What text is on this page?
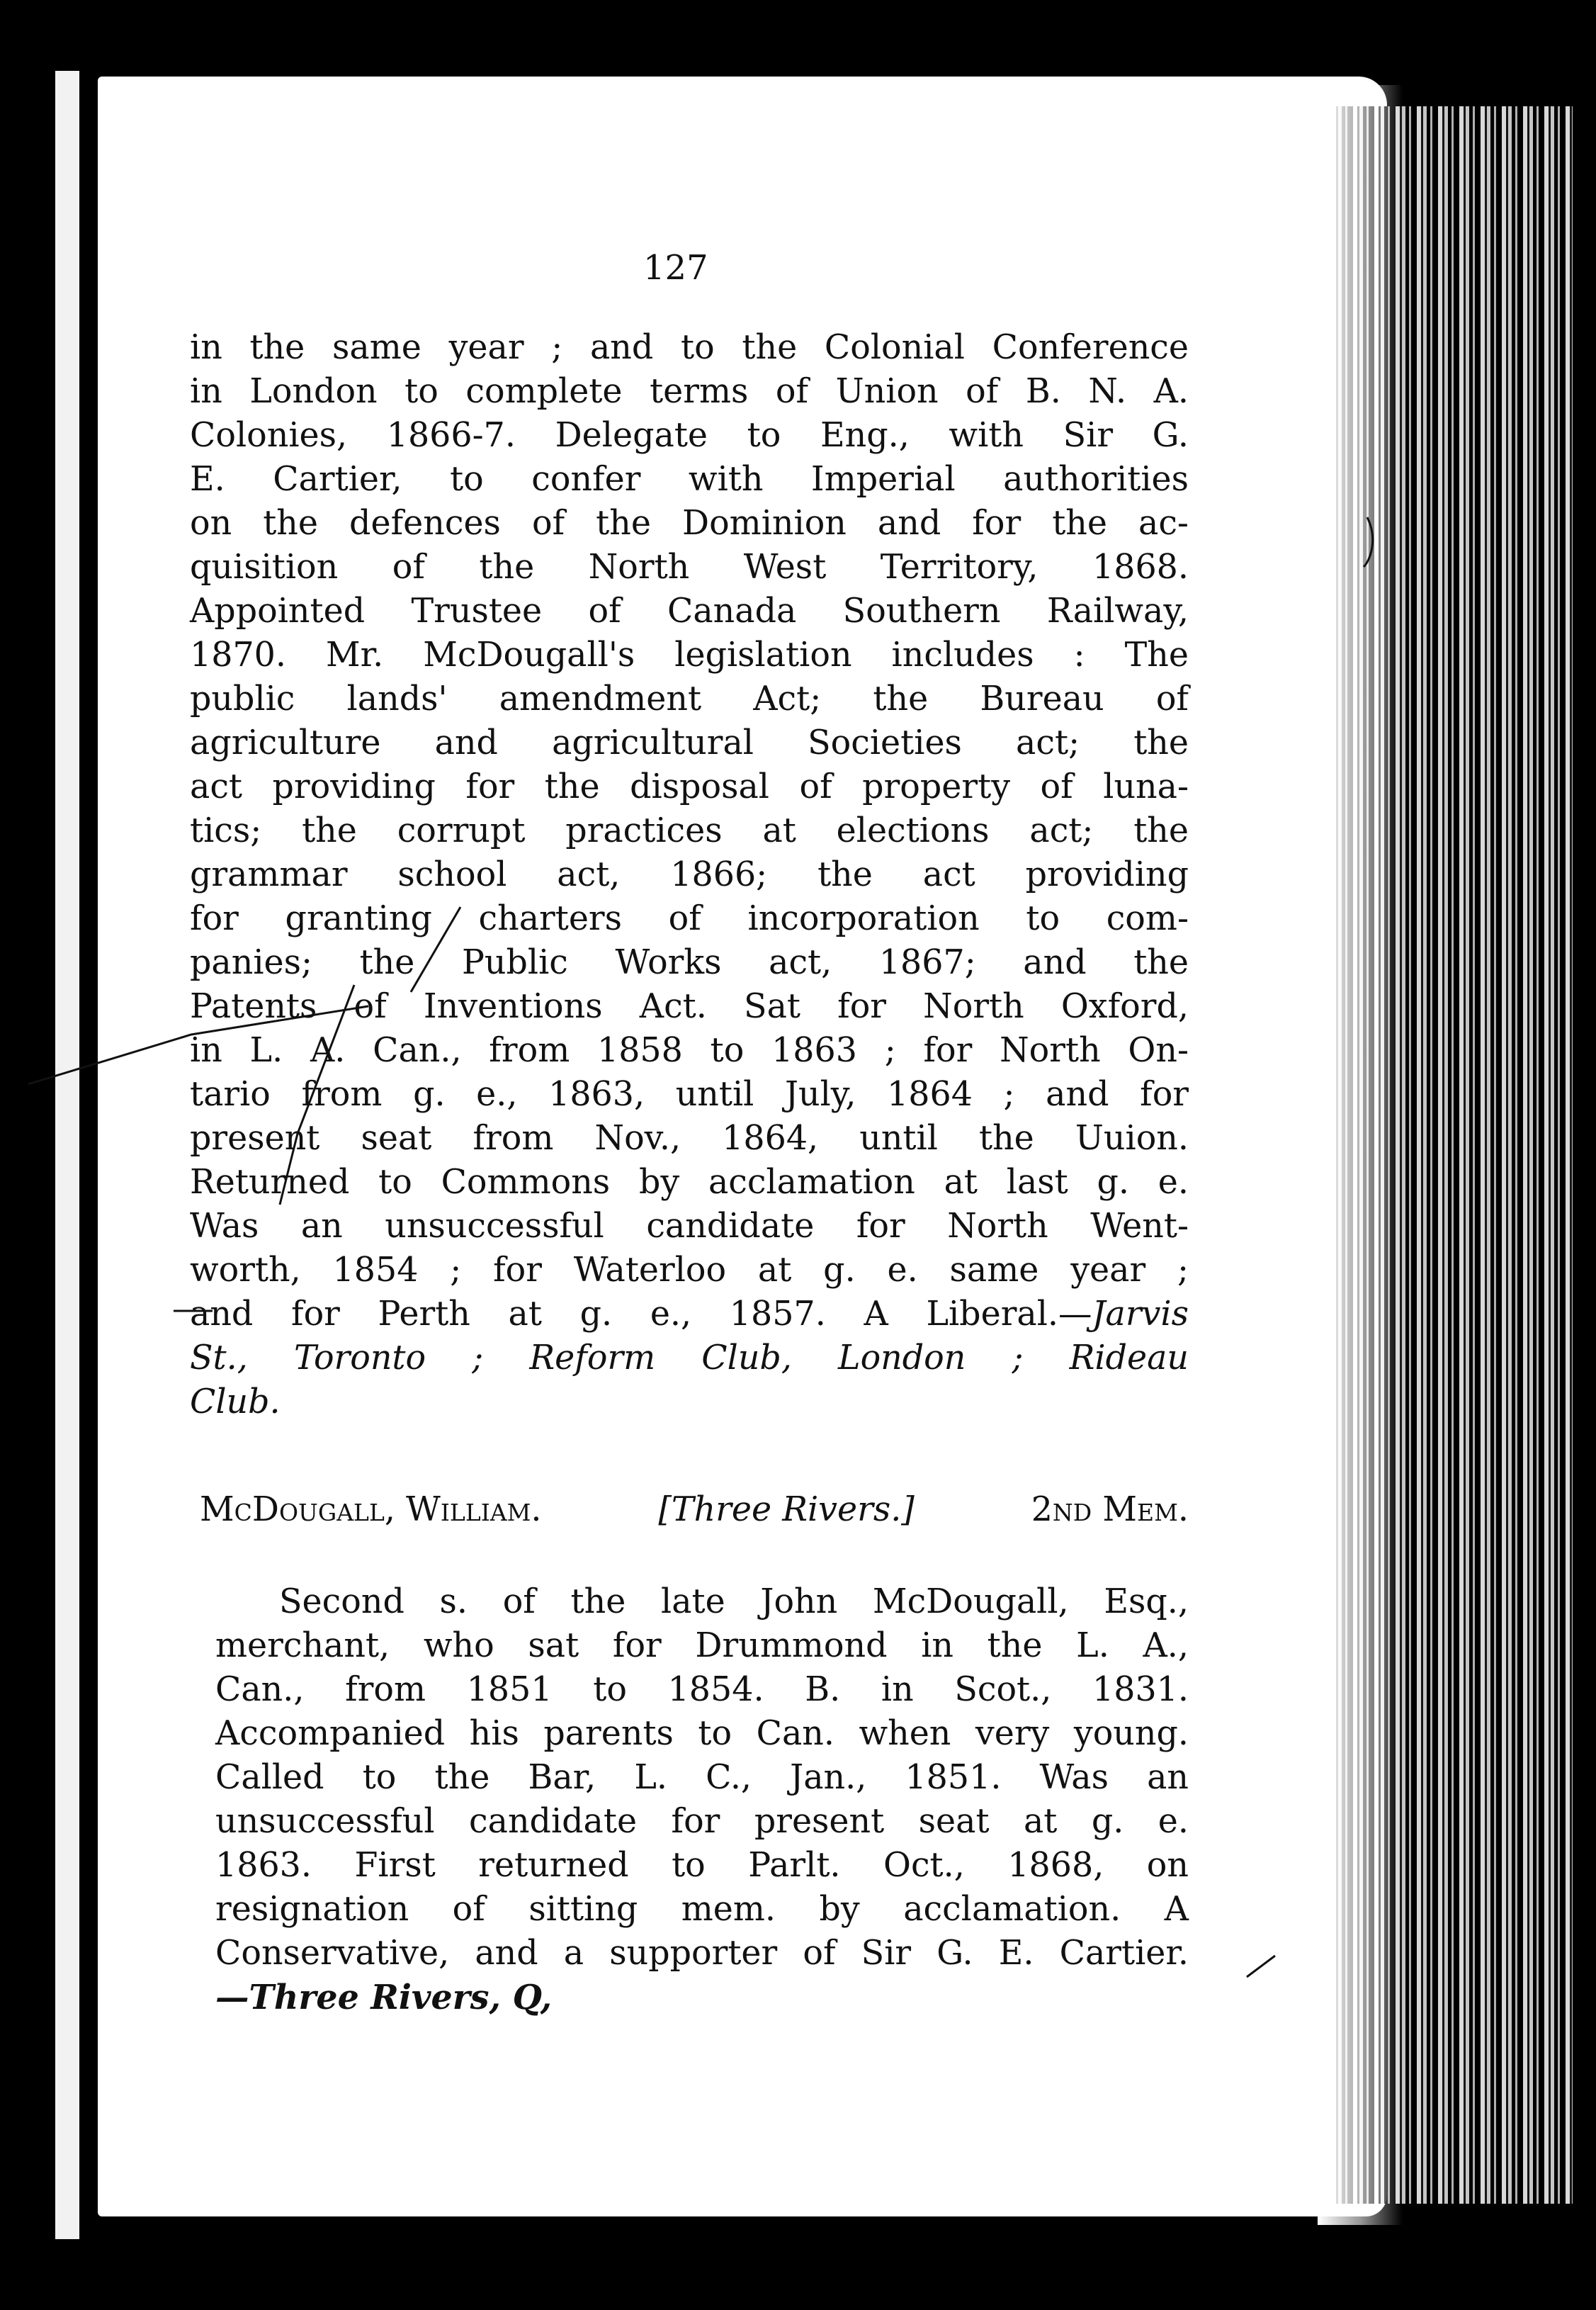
127
in the same year ; and to the Colonial Conference
in London to complete terms of Union of B. N. A.
Colonies, 1866-7. Delegate to Eng., with Sir G.
E. Cartier, to confer with Imperial authorities
on the defences of the Dominion and for the ac-
quisition of the North West Territory, 1868.
Appointed Trustee of Canada Southern Railway,
1870. Mr. McDougall's legislation includes : The
public lands' amendment Act; the Bureau of
agriculture and agricultural Societies act; the
act providing for the disposal of property of luna-
tics; the corrupt practices at elections act; the
grammar school act, 1866; the act providing
for granting charters of incorporation to com-
panies; the Public Works act, 1867; and the
Patents of Inventions Act. Sat for North Oxford,
in L. A. Can., from 1858 to 1863 ; for North On-
tario from g. e., 1863, until July, 1864 ; and for
present seat from Nov., 1864, until the Uuion.
Returned to Commons by acclamation at last g. e.
Was an unsuccessful candidate for North Went-
worth, 1854 ; for Waterloo at g. e. same year ;
and for Perth at g. e., 1857. A Liberal.—Jarvis
St., Toronto ; Reform Club, London ; Rideau
Club.
McDougall, William.	[Three Rivers.]	2nd Mem.
Second s. of the late John McDougall, Esq.,
merchant, who sat for Drummond in the L. A.,
Can., from 1851 to 1854. B. in Scot., 1831.
Accompanied his parents to Can. when very young.
Called to the Bar, L. C., Jan., 1851. Was an
unsuccessful candidate for present seat at g. e.
1863. First returned to Parlt. Oct., 1868, on
resignation of sitting mem. by acclamation. A
Conservative, and a supporter of Sir G. E. Cartier.
—Three Rivers, Q,
